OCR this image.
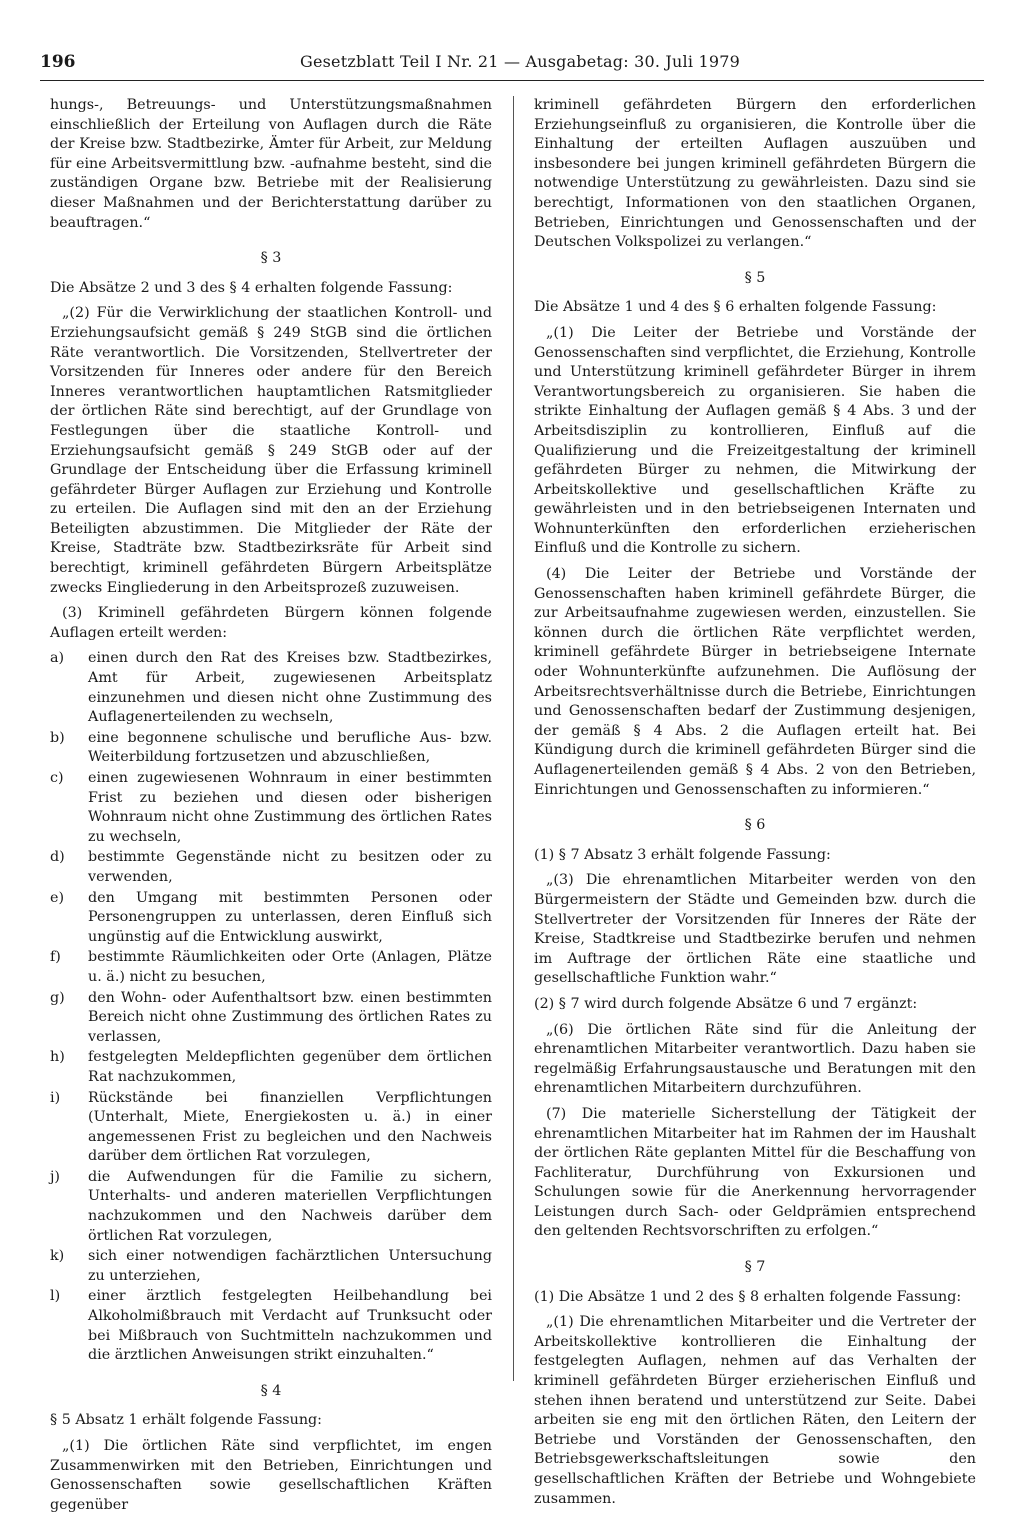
196	Gesetzblatt Teil I Nr. 21 — Ausgabetag: 30. Juli 1979

hungs-, Betreuungs- und Unterstützungsmaßnahmen einschließlich der Erteilung von Auflagen durch die Räte der Kreise bzw. Stadtbezirke, Ämter für Arbeit, zur Meldung für eine Arbeitsvermittlung bzw. -aufnahme besteht, sind die zuständigen Organe bzw. Betriebe mit der Realisierung dieser Maßnahmen und der Berichterstattung darüber zu beauftragen.“

§ 3

Die Absätze 2 und 3 des § 4 erhalten folgende Fassung:

„(2) Für die Verwirklichung der staatlichen Kontroll- und Erziehungsaufsicht gemäß § 249 StGB sind die örtlichen Räte verantwortlich. Die Vorsitzenden, Stellvertreter der Vorsitzenden für Inneres oder andere für den Bereich Inneres verantwortlichen hauptamtlichen Ratsmitglieder der örtlichen Räte sind berechtigt, auf der Grundlage von Festlegungen über die staatliche Kontroll- und Erziehungsaufsicht gemäß § 249 StGB oder auf der Grundlage der Entscheidung über die Erfassung kriminell gefährdeter Bürger Auflagen zur Erziehung und Kontrolle zu erteilen. Die Auflagen sind mit den an der Erziehung Beteiligten abzustimmen. Die Mitglieder der Räte der Kreise, Stadträte bzw. Stadtbezirksräte für Arbeit sind berechtigt, kriminell gefährdeten Bürgern Arbeitsplätze zwecks Eingliederung in den Arbeitsprozeß zuzuweisen.

(3) Kriminell gefährdeten Bürgern können folgende Auflagen erteilt werden:

a)	einen durch den Rat des Kreises bzw. Stadtbezirkes, Amt für Arbeit, zugewiesenen Arbeitsplatz einzunehmen und diesen nicht ohne Zustimmung des Auflagenerteilenden zu wechseln,
b)	eine begonnene schulische und berufliche Aus- bzw. Weiterbildung fortzusetzen und abzuschließen,
c)	einen zugewiesenen Wohnraum in einer bestimmten Frist zu beziehen und diesen oder bisherigen Wohnraum nicht ohne Zustimmung des örtlichen Rates zu wechseln,
d)	bestimmte Gegenstände nicht zu besitzen oder zu verwenden,
e)	den Umgang mit bestimmten Personen oder Personengruppen zu unterlassen, deren Einfluß sich ungünstig auf die Entwicklung auswirkt,
f)	bestimmte Räumlichkeiten oder Orte (Anlagen, Plätze u. ä.) nicht zu besuchen,
g)	den Wohn- oder Aufenthaltsort bzw. einen bestimmten Bereich nicht ohne Zustimmung des örtlichen Rates zu verlassen,
h)	festgelegten Meldepflichten gegenüber dem örtlichen Rat nachzukommen,
i)	Rückstände bei finanziellen Verpflichtungen (Unterhalt, Miete, Energiekosten u. ä.) in einer angemessenen Frist zu begleichen und den Nachweis darüber dem örtlichen Rat vorzulegen,
j)	die Aufwendungen für die Familie zu sichern, Unterhalts- und anderen materiellen Verpflichtungen nachzukommen und den Nachweis darüber dem örtlichen Rat vorzulegen,
k)	sich einer notwendigen fachärztlichen Untersuchung zu unterziehen,
l)	einer ärztlich festgelegten Heilbehandlung bei Alkoholmißbrauch mit Verdacht auf Trunksucht oder bei Mißbrauch von Suchtmitteln nachzukommen und die ärztlichen Anweisungen strikt einzuhalten.“
§ 4

§ 5 Absatz 1 erhält folgende Fassung:

„(1) Die örtlichen Räte sind verpflichtet, im engen Zusammenwirken mit den Betrieben, Einrichtungen und Genossenschaften sowie gesellschaftlichen Kräften gegenüber

kriminell gefährdeten Bürgern den erforderlichen Erziehungseinfluß zu organisieren, die Kontrolle über die Einhaltung der erteilten Auflagen auszuüben und insbesondere bei jungen kriminell gefährdeten Bürgern die notwendige Unterstützung zu gewährleisten. Dazu sind sie berechtigt, Informationen von den staatlichen Organen, Betrieben, Einrichtungen und Genossenschaften und der Deutschen Volkspolizei zu verlangen.“

§ 5

Die Absätze 1 und 4 des § 6 erhalten folgende Fassung:

„(1) Die Leiter der Betriebe und Vorstände der Genossenschaften sind verpflichtet, die Erziehung, Kontrolle und Unterstützung kriminell gefährdeter Bürger in ihrem Verantwortungsbereich zu organisieren. Sie haben die strikte Einhaltung der Auflagen gemäß § 4 Abs. 3 und der Arbeitsdisziplin zu kontrollieren, Einfluß auf die Qualifizierung und die Freizeitgestaltung der kriminell gefährdeten Bürger zu nehmen, die Mitwirkung der Arbeitskollektive und gesellschaftlichen Kräfte zu gewährleisten und in den betriebseigenen Internaten und Wohnunterkünften den erforderlichen erzieherischen Einfluß und die Kontrolle zu sichern.

(4) Die Leiter der Betriebe und Vorstände der Genossenschaften haben kriminell gefährdete Bürger, die zur Arbeitsaufnahme zugewiesen werden, einzustellen. Sie können durch die örtlichen Räte verpflichtet werden, kriminell gefährdete Bürger in betriebseigene Internate oder Wohnunterkünfte aufzunehmen. Die Auflösung der Arbeitsrechtsverhältnisse durch die Betriebe, Einrichtungen und Genossenschaften bedarf der Zustimmung desjenigen, der gemäß § 4 Abs. 2 die Auflagen erteilt hat. Bei Kündigung durch die kriminell gefährdeten Bürger sind die Auflagenerteilenden gemäß § 4 Abs. 2 von den Betrieben, Einrichtungen und Genossenschaften zu informieren.“

§ 6

(1) § 7 Absatz 3 erhält folgende Fassung:

„(3) Die ehrenamtlichen Mitarbeiter werden von den Bürgermeistern der Städte und Gemeinden bzw. durch die Stellvertreter der Vorsitzenden für Inneres der Räte der Kreise, Stadtkreise und Stadtbezirke berufen und nehmen im Auftrage der örtlichen Räte eine staatliche und gesellschaftliche Funktion wahr.“

(2) § 7 wird durch folgende Absätze 6 und 7 ergänzt:

„(6) Die örtlichen Räte sind für die Anleitung der ehrenamtlichen Mitarbeiter verantwortlich. Dazu haben sie regelmäßig Erfahrungsaustausche und Beratungen mit den ehrenamtlichen Mitarbeitern durchzuführen.

(7) Die materielle Sicherstellung der Tätigkeit der ehrenamtlichen Mitarbeiter hat im Rahmen der im Haushalt der örtlichen Räte geplanten Mittel für die Beschaffung von Fachliteratur, Durchführung von Exkursionen und Schulungen sowie für die Anerkennung hervorragender Leistungen durch Sach- oder Geldprämien entsprechend den geltenden Rechtsvorschriften zu erfolgen.“

§ 7

(1) Die Absätze 1 und 2 des § 8 erhalten folgende Fassung:

„(1) Die ehrenamtlichen Mitarbeiter und die Vertreter der Arbeitskollektive kontrollieren die Einhaltung der festgelegten Auflagen, nehmen auf das Verhalten der kriminell gefährdeten Bürger erzieherischen Einfluß und stehen ihnen beratend und unterstützend zur Seite. Dabei arbeiten sie eng mit den örtlichen Räten, den Leitern der Betriebe und Vorständen der Genossenschaften, den Betriebsgewerkschaftsleitungen sowie den gesellschaftlichen Kräften der Betriebe und Wohngebiete zusammen.
